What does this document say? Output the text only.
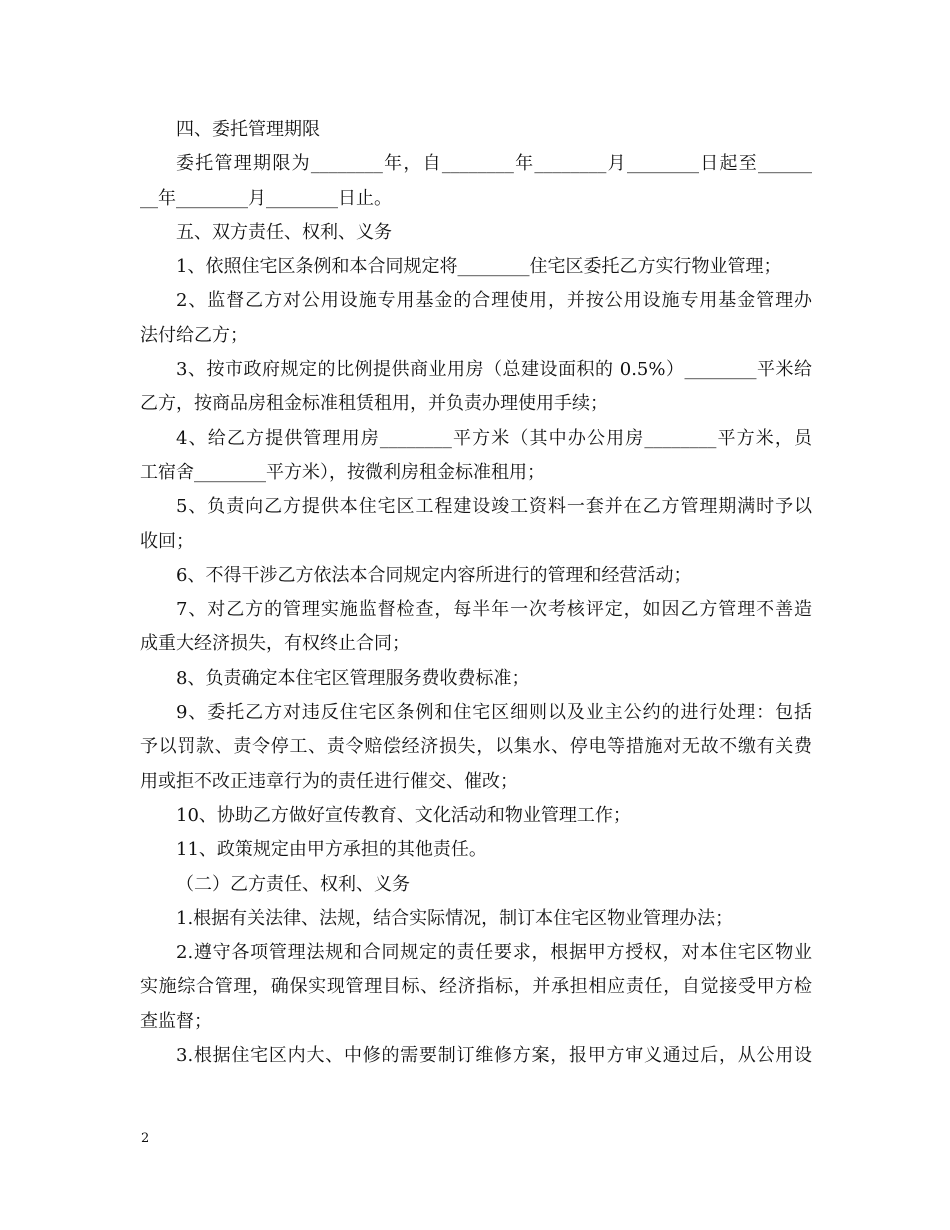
四、委托管理期限
委托管理期限为________年，自________年________月________日起至______
__年________月________日止。
五、双方责任、权利、义务
1、依照住宅区条例和本合同规定将________住宅区委托乙方实行物业管理；
2、监督乙方对公用设施专用基金的合理使用，并按公用设施专用基金管理办
法付给乙方；
3、按市政府规定的比例提供商业用房（总建设面积的 0.5%）________平米给
乙方，按商品房租金标准租赁租用，并负责办理使用手续；
4、给乙方提供管理用房________平方米（其中办公用房________平方米，员
工宿舍________平方米），按微利房租金标准租用；
5、负责向乙方提供本住宅区工程建设竣工资料一套并在乙方管理期满时予以
收回；
6、不得干涉乙方依法本合同规定内容所进行的管理和经营活动；
7、对乙方的管理实施监督检查，每半年一次考核评定，如因乙方管理不善造
成重大经济损失，有权终止合同；
8、负责确定本住宅区管理服务费收费标准；
9、委托乙方对违反住宅区条例和住宅区细则以及业主公约的进行处理：包括
予以罚款、责令停工、责令赔偿经济损失，以集水、停电等措施对无故不缴有关费
用或拒不改正违章行为的责任进行催交、催改；
10、协助乙方做好宣传教育、文化活动和物业管理工作；
11、政策规定由甲方承担的其他责任。
（二）乙方责任、权利、义务
1.根据有关法律、法规，结合实际情况，制订本住宅区物业管理办法；
2.遵守各项管理法规和合同规定的责任要求，根据甲方授权，对本住宅区物业
实施综合管理，确保实现管理目标、经济指标，并承担相应责任，自觉接受甲方检
查监督；
3.根据住宅区内大、中修的需要制订维修方案，报甲方审义通过后，从公用设
2
